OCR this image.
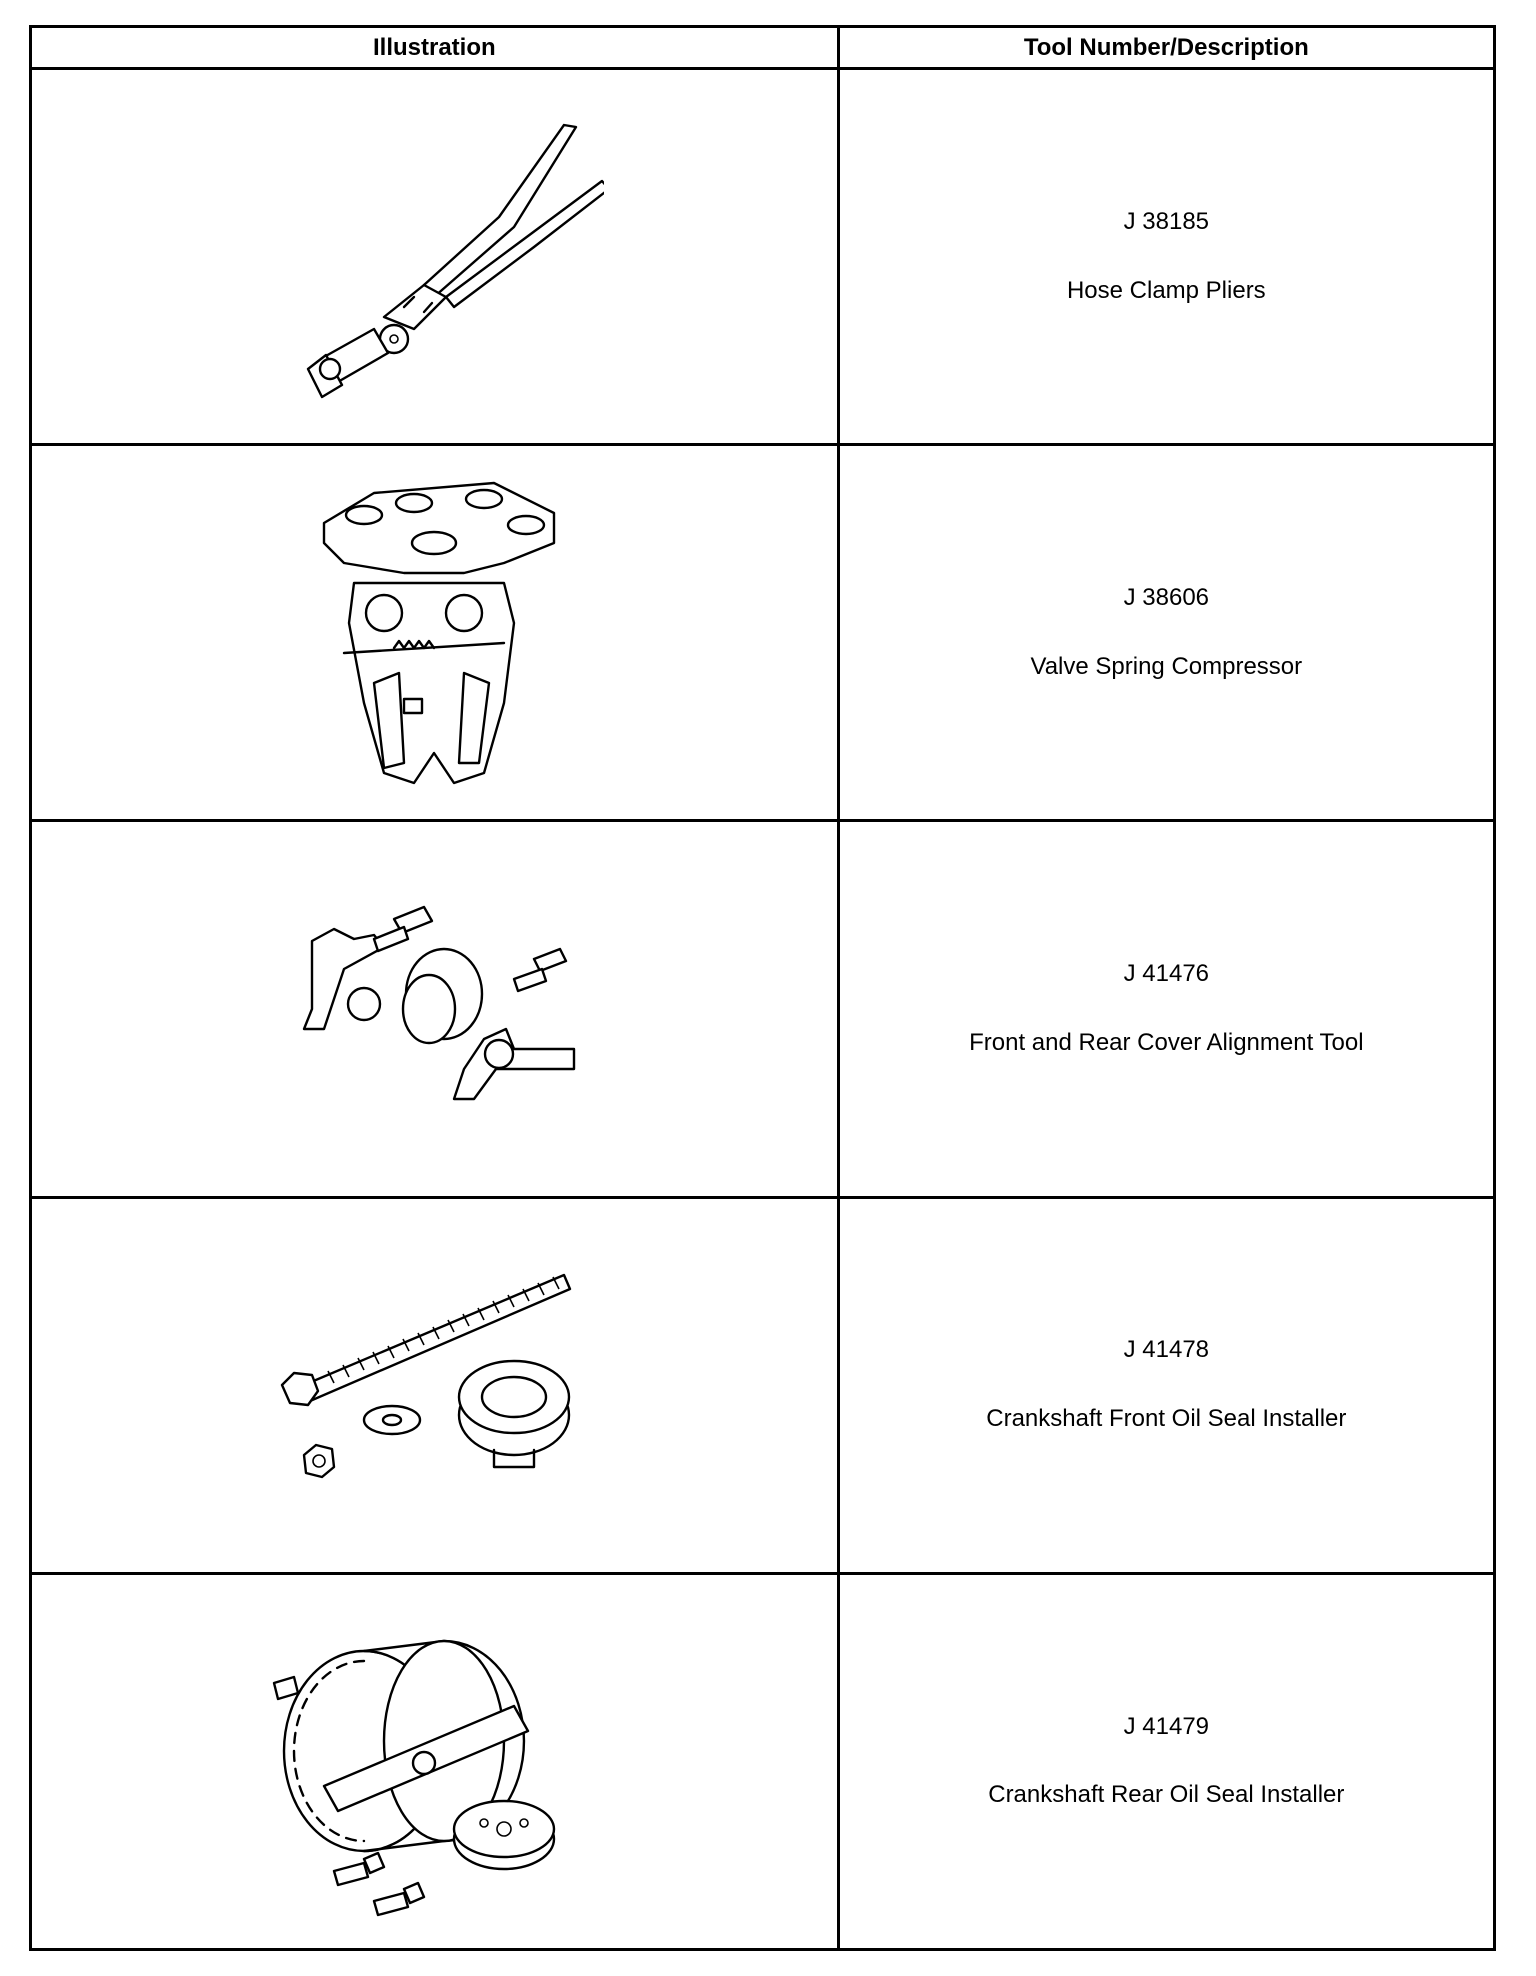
Illustration	Tool Number/Description

J 38185
Hose Clamp Pliers

J 38606
Valve Spring Compressor

J 41476
Front and Rear Cover Alignment Tool

J 41478
Crankshaft Front Oil Seal Installer

J 41479
Crankshaft Rear Oil Seal Installer
